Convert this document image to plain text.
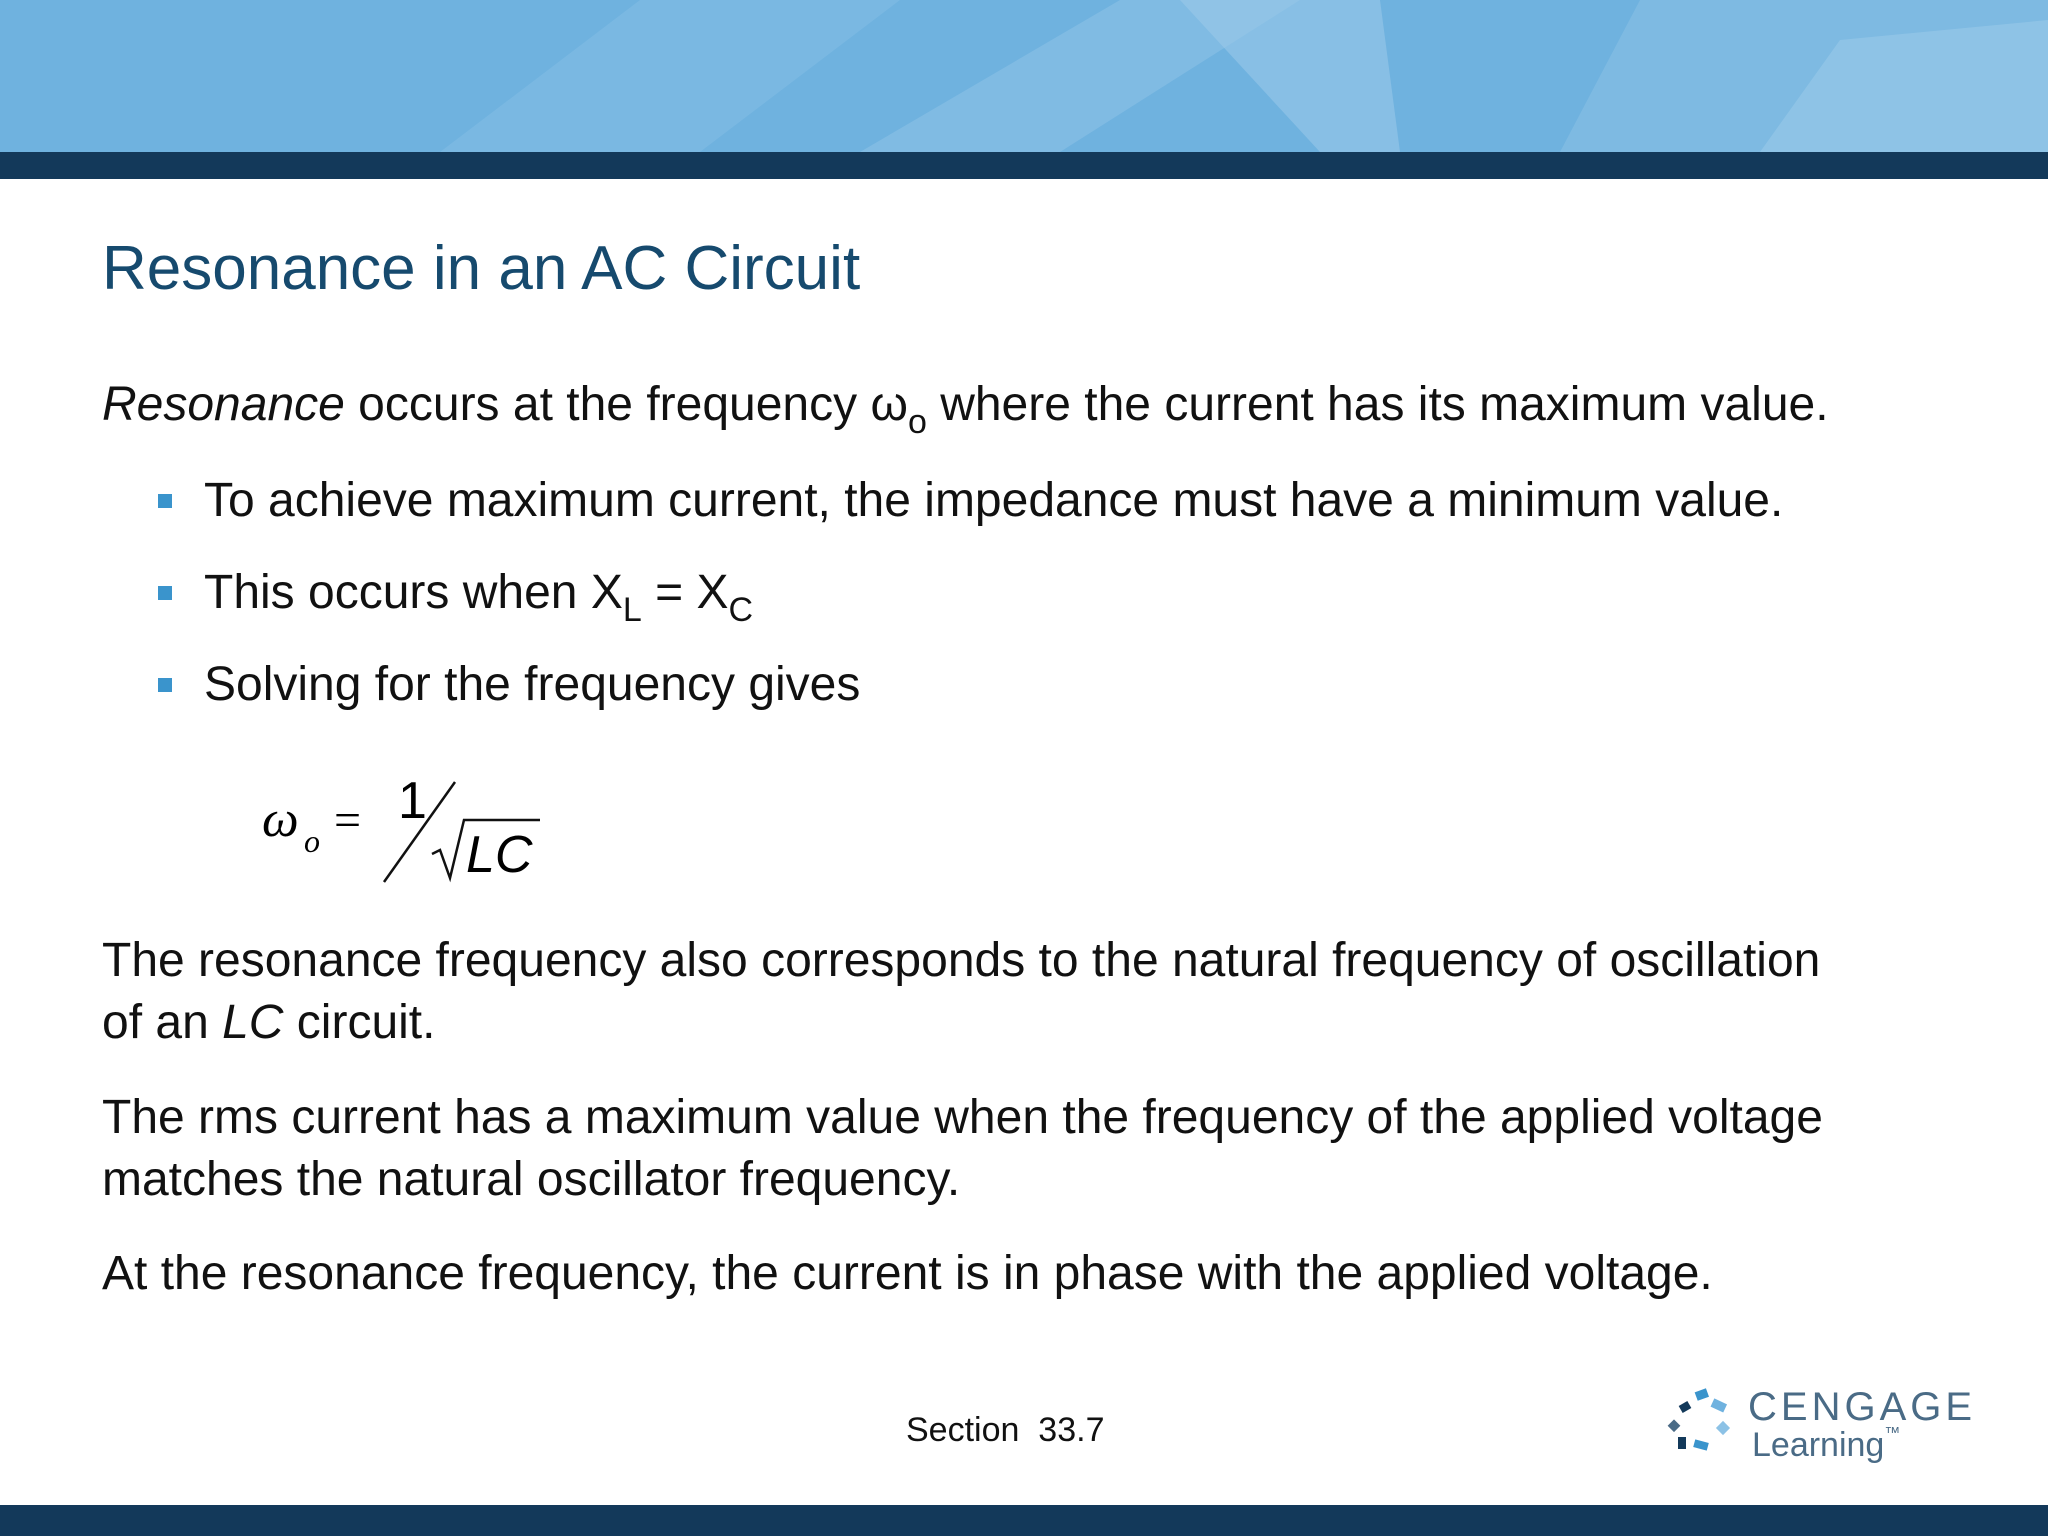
Resonance in an AC Circuit

Resonance occurs at the frequency $\omega_o$ where the current has its maximum value.

To achieve maximum current, the impedance must have a minimum value.
This occurs when $X_L = X_C$
Solving for the frequency gives
ω o = 1
LC

The resonance frequency also corresponds to the natural frequency of oscillation
of an LC circuit.

The rms current has a maximum value when the frequency of the applied voltage
matches the natural oscillator frequency.

At the resonance frequency, the current is in phase with the applied voltage.

Section  33.7

CENGAGE
Learning™
